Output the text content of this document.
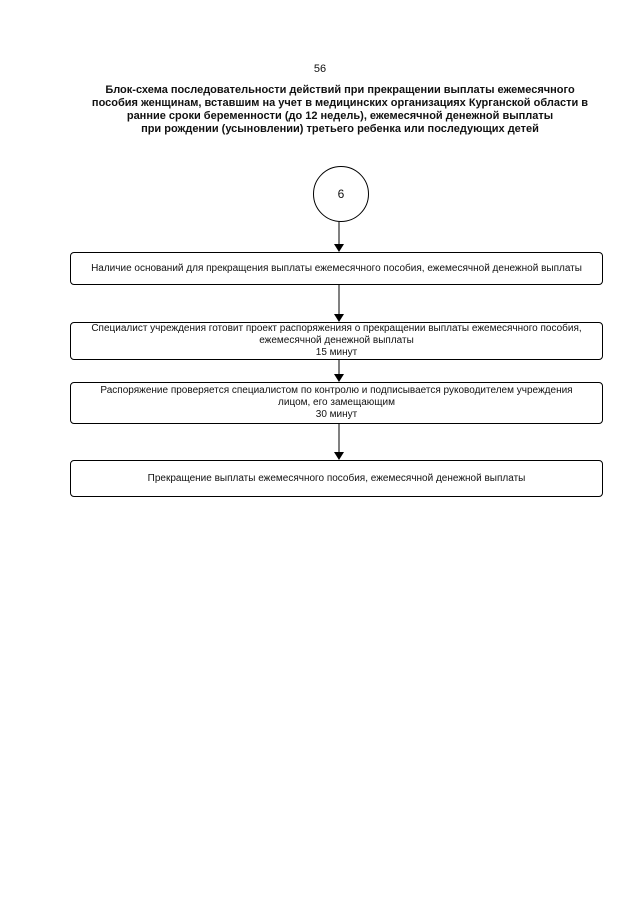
56
Блок-схема последовательности действий при прекращении выплаты ежемесячного
пособия женщинам, вставшим на учет в медицинских организациях Курганской области в
ранние сроки беременности (до 12 недель), ежемесячной денежной выплаты
при рождении (усыновлении) третьего ребенка или последующих детей
6
Наличие оснований для прекращения выплаты ежемесячного пособия, ежемесячной денежной выплаты
Специалист учреждения готовит проект распоряженияя о прекращении выплаты ежемесячного пособия,
ежемесячной денежной выплаты
15 минут
Распоряжение проверяется специалистом по контролю и подписывается руководителем учреждения
лицом, его замещающим
30 минут
Прекращение выплаты ежемесячного пособия, ежемесячной денежной выплаты
